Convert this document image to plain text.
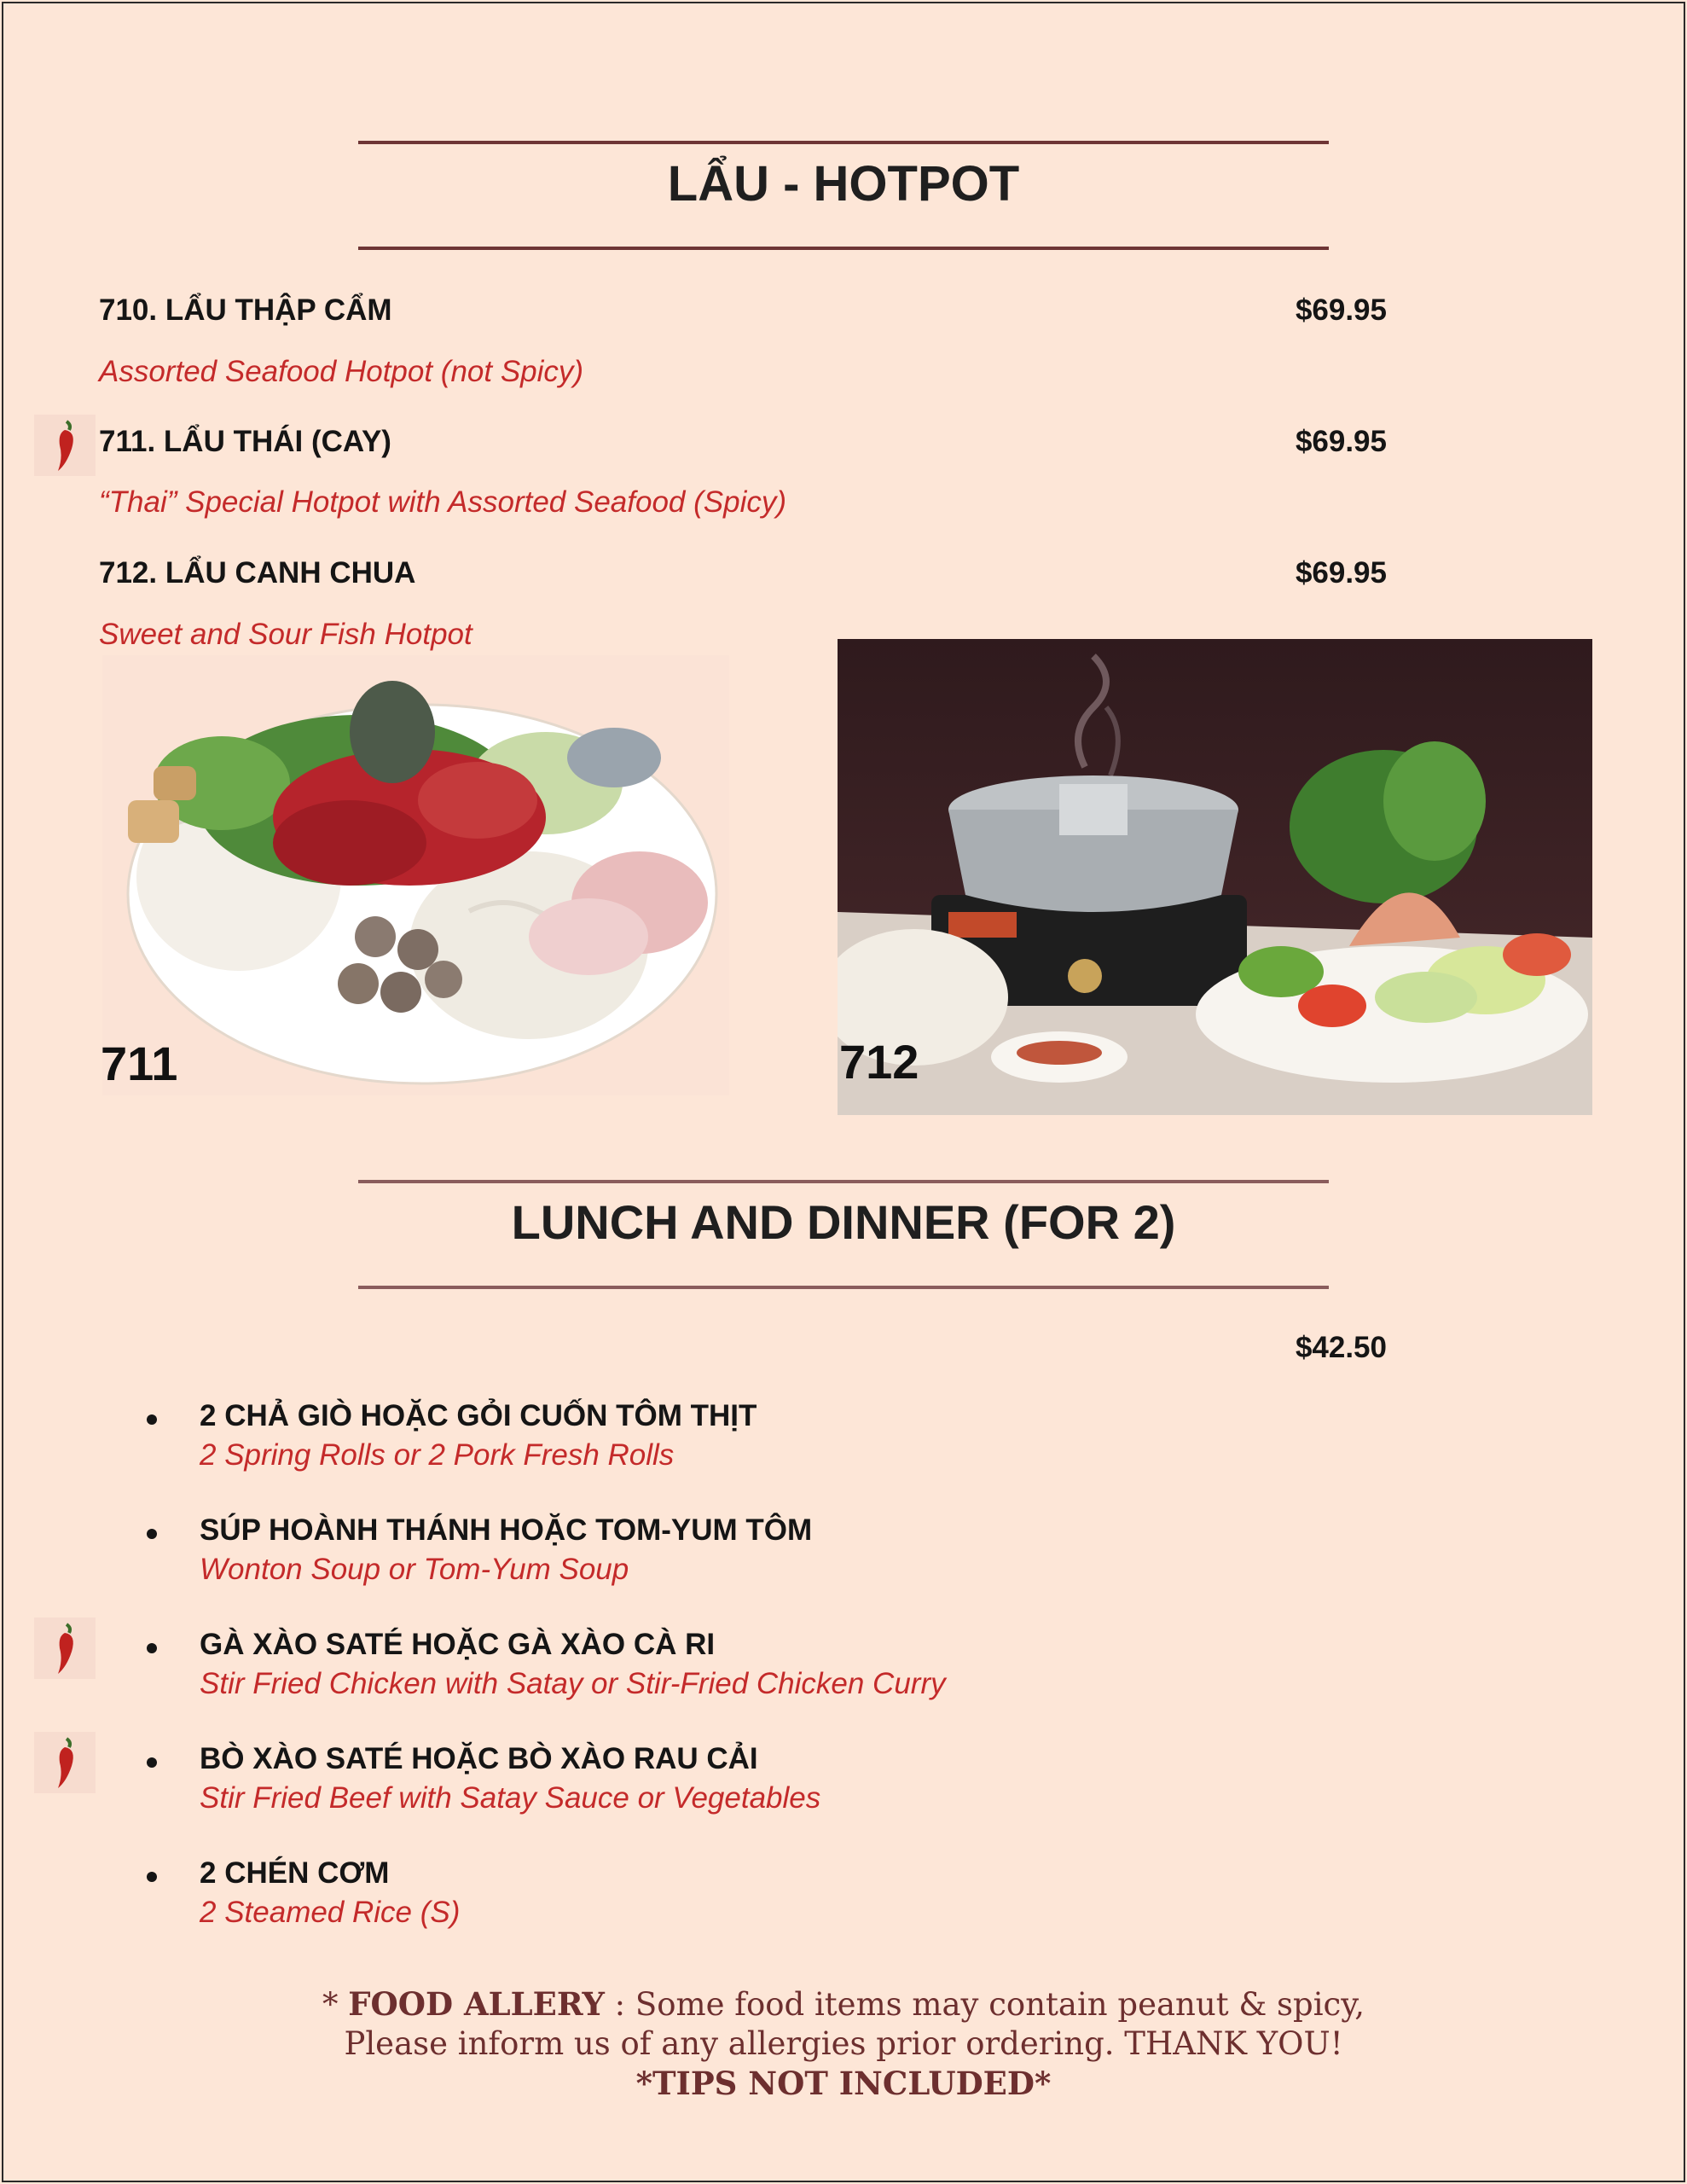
LẨU - HOTPOT
710. LẨU THẬP CẨM	$69.95
Assorted Seafood Hotpot (not Spicy)
711. LẨU THÁI (CAY)	$69.95
“Thai” Special Hotpot with Assorted Seafood (Spicy)
712. LẨU CANH CHUA	$69.95
Sweet and Sour Fish Hotpot
711	712
LUNCH AND DINNER (FOR 2)
$42.50
2 CHẢ GIÒ HOẶC GỎI CUỐN TÔM THỊT
2 Spring Rolls or 2 Pork Fresh Rolls
SÚP HOÀNH THÁNH HOẶC TOM-YUM TÔM
Wonton Soup or Tom-Yum Soup
GÀ XÀO SATÉ HOẶC GÀ XÀO CÀ RI
Stir Fried Chicken with Satay or Stir-Fried Chicken Curry
BÒ XÀO SATÉ HOẶC BÒ XÀO RAU CẢI
Stir Fried Beef with Satay Sauce or Vegetables
2 CHÉN CƠM
2 Steamed Rice (S)
* FOOD ALLERY : Some food items may contain peanut & spicy,
Please inform us of any allergies prior ordering. THANK YOU!
*TIPS NOT INCLUDED*
